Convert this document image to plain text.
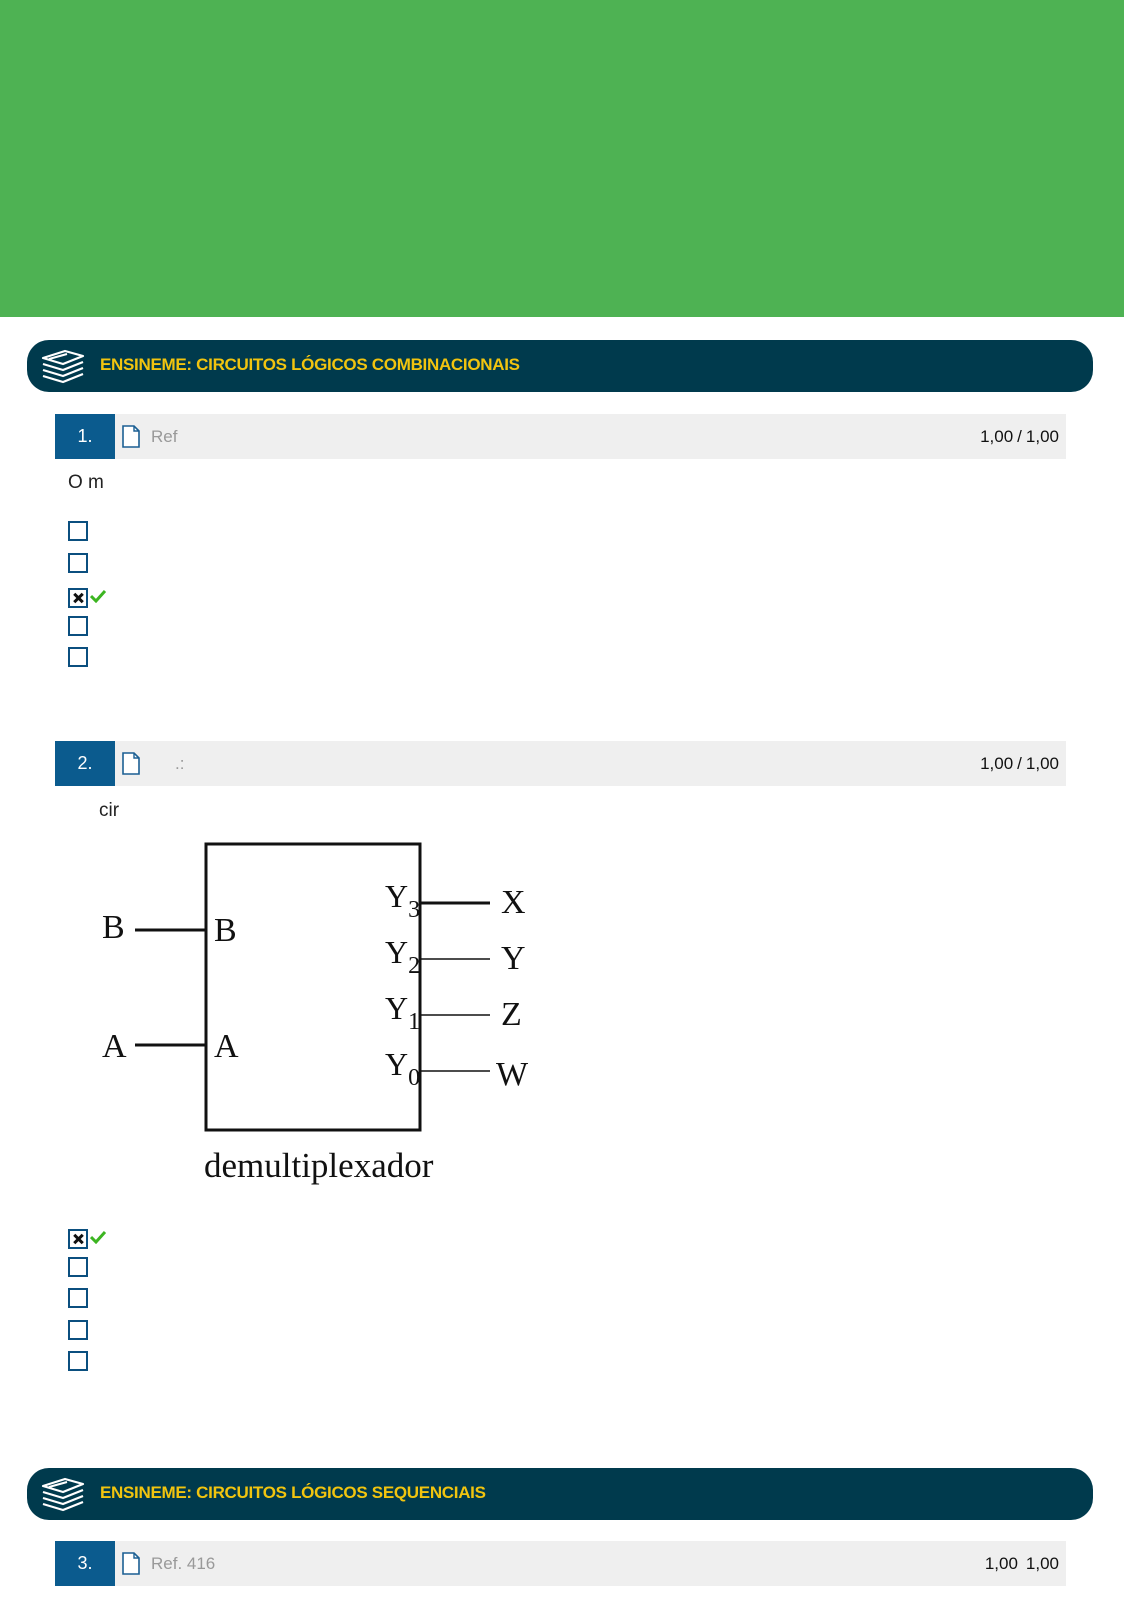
ENSINEME: CIRCUITOS LÓGICOS COMBINACIONAIS
1.	Ref	1,00 / 1,00
O m
2.	.:	1,00 / 1,00
cir
B	B
A	A
$Y_3$ X
$Y_2$ Y
$Y_1$ Z
$Y_0$ W
demultiplexador
ENSINEME: CIRCUITOS LÓGICOS SEQUENCIAIS
3.	Ref. 416	1,00 1,00
